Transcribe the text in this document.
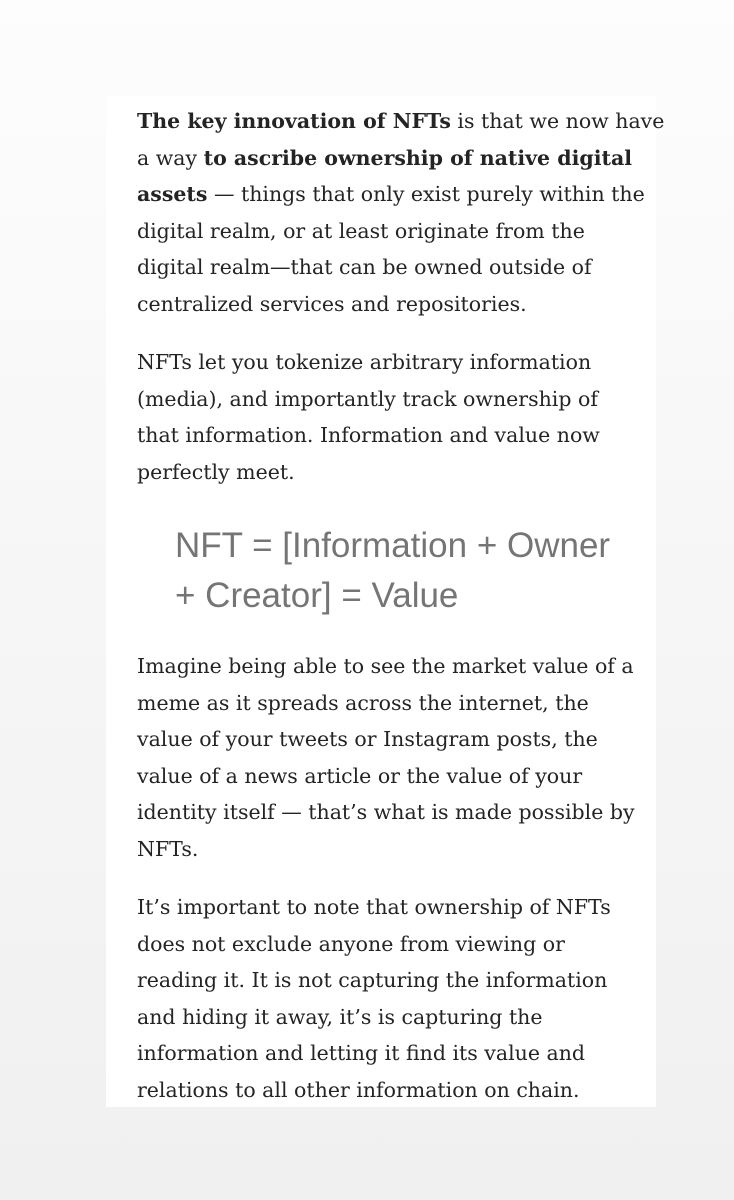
The key innovation of NFTs is that we now have
a way to ascribe ownership of native digital
assets — things that only exist purely within the
digital realm, or at least originate from the
digital realm—that can be owned outside of
centralized services and repositories.

NFTs let you tokenize arbitrary information
(media), and importantly track ownership of
that information. Information and value now
perfectly meet.

NFT = [Information + Owner
+ Creator] = Value

Imagine being able to see the market value of a
meme as it spreads across the internet, the
value of your tweets or Instagram posts, the
value of a news article or the value of your
identity itself — that’s what is made possible by
NFTs.

It’s important to note that ownership of NFTs
does not exclude anyone from viewing or
reading it. It is not capturing the information
and hiding it away, it’s is capturing the
information and letting it find its value and
relations to all other information on chain.
